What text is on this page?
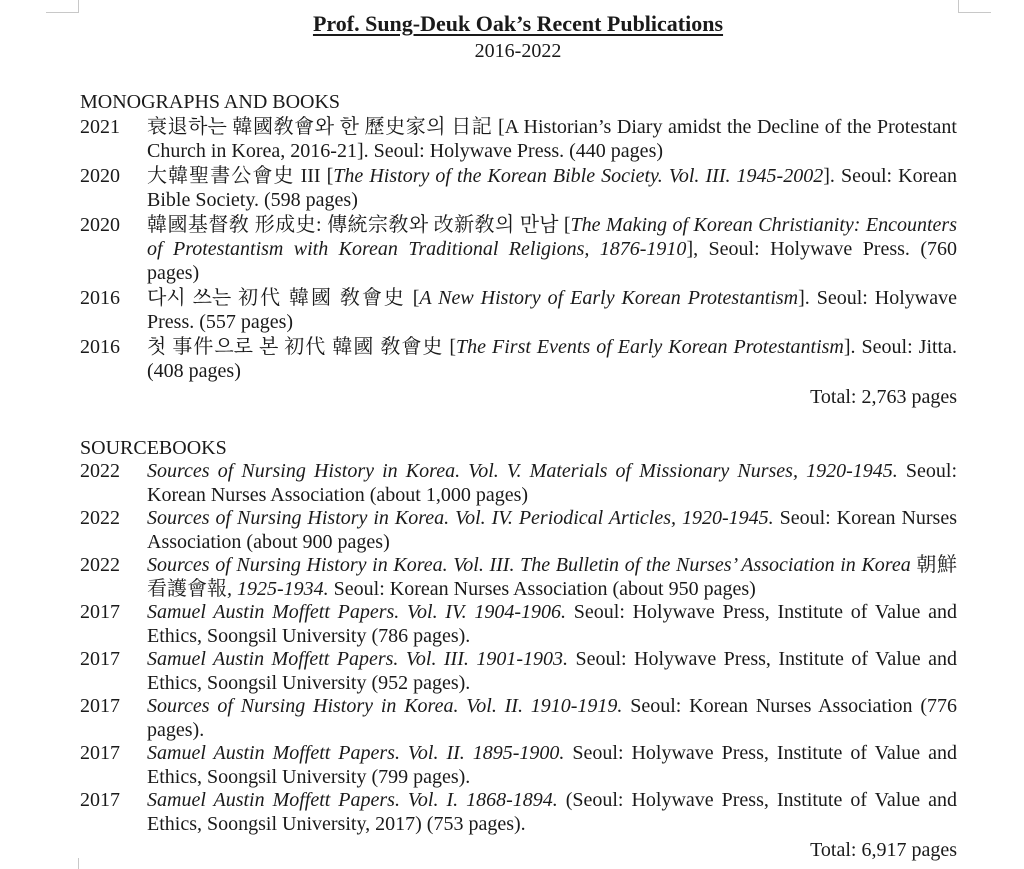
Prof. Sung-Deuk Oak’s Recent Publications
2016-2022
MONOGRAPHS AND BOOKS
2021	衰退하는 韓國敎會와 한 歷史家의 日記 [A Historian’s Diary amidst the Decline of the Protestant Church in Korea, 2016-21]. Seoul: Holywave Press. (440 pages)
2020	大韓聖書公會史 III [The History of the Korean Bible Society. Vol. III. 1945-2002]. Seoul: Korean Bible Society. (598 pages)
2020	韓國基督敎 形成史: 傳統宗敎와 改新敎의 만남 [The Making of Korean Christianity: Encounters of Protestantism with Korean Traditional Religions, 1876-1910], Seoul: Holywave Press. (760 pages)
2016	다시 쓰는 初代 韓國 敎會史 [A New History of Early Korean Protestantism]. Seoul: Holywave Press. (557 pages)
2016	첫 事件으로 본 初代 韓國 敎會史 [The First Events of Early Korean Protestantism]. Seoul: Jitta. (408 pages)
Total: 2,763 pages
SOURCEBOOKS
2022	Sources of Nursing History in Korea. Vol. V. Materials of Missionary Nurses, 1920-1945. Seoul: Korean Nurses Association (about 1,000 pages)
2022	Sources of Nursing History in Korea. Vol. IV. Periodical Articles, 1920-1945. Seoul: Korean Nurses Association (about 900 pages)
2022	Sources of Nursing History in Korea. Vol. III. The Bulletin of the Nurses’ Association in Korea 朝鮮看護會報, 1925-1934. Seoul: Korean Nurses Association (about 950 pages)
2017	Samuel Austin Moffett Papers. Vol. IV. 1904-1906. Seoul: Holywave Press, Institute of Value and Ethics, Soongsil University (786 pages).
2017	Samuel Austin Moffett Papers. Vol. III. 1901-1903. Seoul: Holywave Press, Institute of Value and Ethics, Soongsil University (952 pages).
2017	Sources of Nursing History in Korea. Vol. II. 1910-1919. Seoul: Korean Nurses Association (776 pages).
2017	Samuel Austin Moffett Papers. Vol. II. 1895-1900. Seoul: Holywave Press, Institute of Value and Ethics, Soongsil University (799 pages).
2017	Samuel Austin Moffett Papers. Vol. I. 1868-1894. (Seoul: Holywave Press, Institute of Value and Ethics, Soongsil University, 2017) (753 pages).
Total: 6,917 pages
